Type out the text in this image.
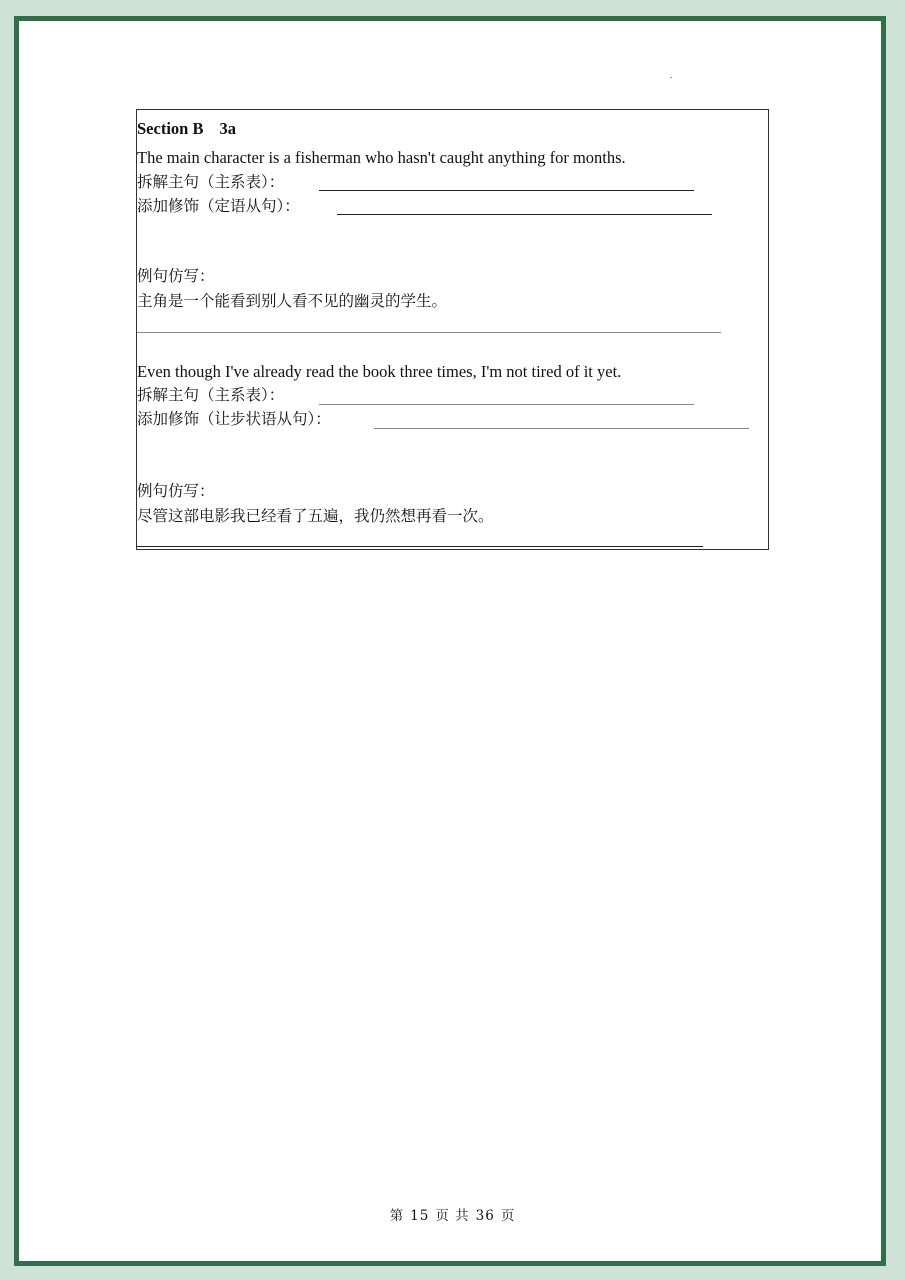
Section B 3a
The main character is a fisherman who hasn't caught anything for months.
拆解主句（主系表）：
添加修饰（定语从句）：
例句仿写：
主角是一个能看到别人看不见的幽灵的学生。
Even though I've already read the book three times, I'm not tired of it yet.
拆解主句（主系表）：
添加修饰（让步状语从句）：
例句仿写：
尽管这部电影我已经看了五遍，我仍然想再看一次。
第 15 页 共 36 页
